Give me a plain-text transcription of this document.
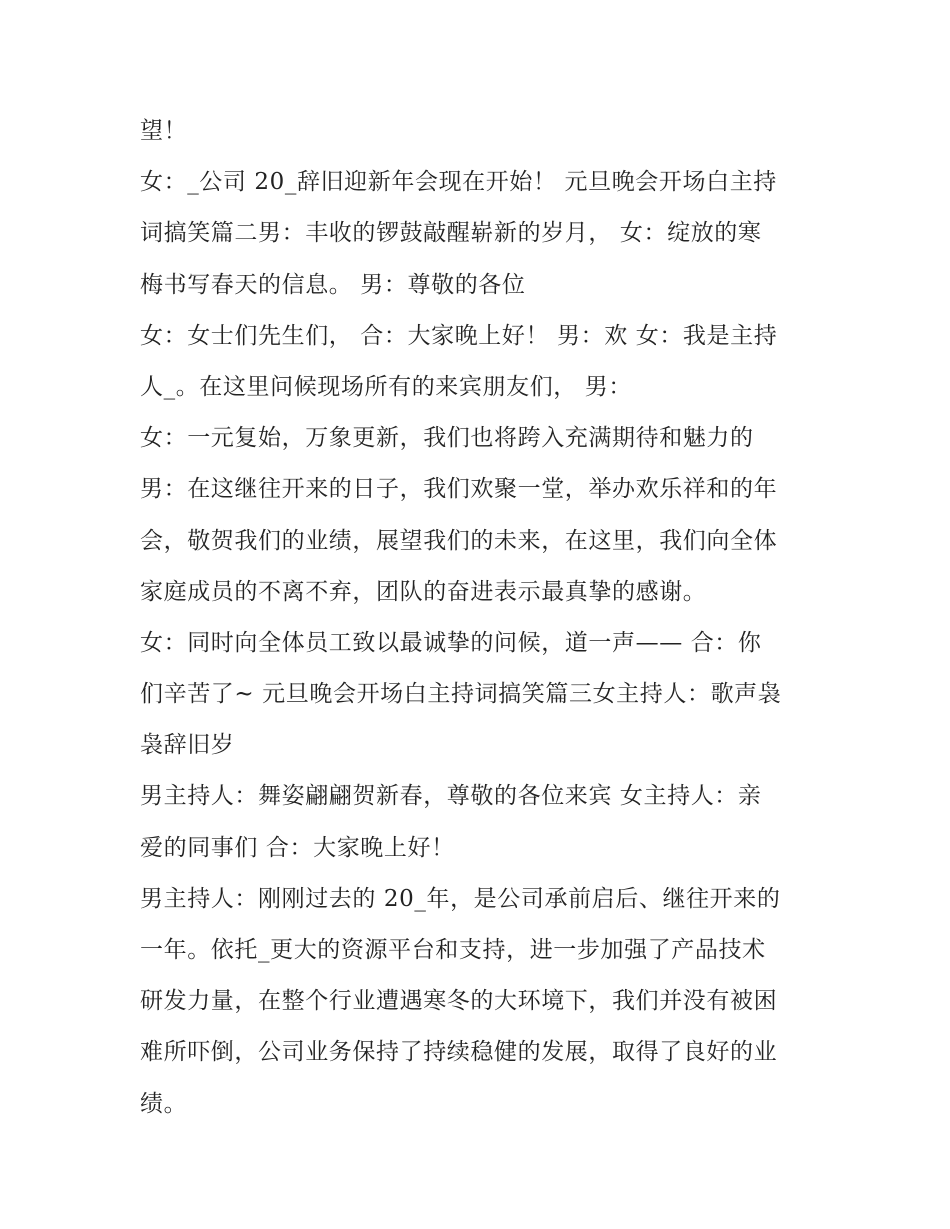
望！
女：_公司 20_辞旧迎新年会现在开始！ 元旦晚会开场白主持
词搞笑篇二男：丰收的锣鼓敲醒崭新的岁月， 女：绽放的寒
梅书写春天的信息。 男：尊敬的各位
女：女士们先生们， 合：大家晚上好！ 男：欢 女：我是主持
人_。在这里问候现场所有的来宾朋友们， 男：
女：一元复始，万象更新，我们也将跨入充满期待和魅力的
男：在这继往开来的日子，我们欢聚一堂，举办欢乐祥和的年
会，敬贺我们的业绩，展望我们的未来，在这里，我们向全体
家庭成员的不离不弃，团队的奋进表示最真挚的感谢。
女：同时向全体员工致以最诚挚的问候，道一声—— 合：你
们辛苦了~ 元旦晚会开场白主持词搞笑篇三女主持人：歌声袅
袅辞旧岁
男主持人：舞姿翩翩贺新春，尊敬的各位来宾 女主持人：亲
爱的同事们 合：大家晚上好！
男主持人：刚刚过去的 20_年，是公司承前启后、继往开来的
一年。依托_更大的资源平台和支持，进一步加强了产品技术
研发力量，在整个行业遭遇寒冬的大环境下，我们并没有被困
难所吓倒，公司业务保持了持续稳健的发展，取得了良好的业
绩。
